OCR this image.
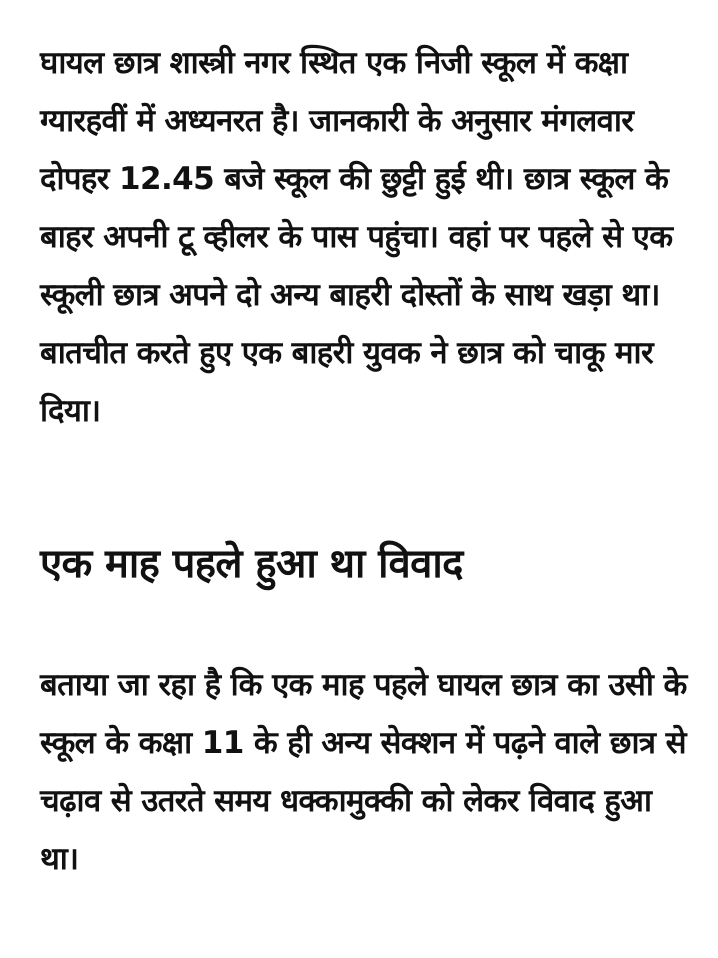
घायल छात्र शास्त्री नगर स्थित एक निजी स्कूल में कक्षा ग्यारहवीं में अध्यनरत है। जानकारी के अनुसार मंगलवार दोपहर 12.45 बजे स्कूल की छुट्टी हुई थी। छात्र स्कूल के बाहर अपनी टू व्हीलर के पास पहुंचा। वहां पर पहले से एक स्कूली छात्र अपने दो अन्य बाहरी दोस्तों के साथ खड़ा था। बातचीत करते हुए एक बाहरी युवक ने छात्र को चाकू मार दिया।

एक माह पहले हुआ था विवाद

बताया जा रहा है कि एक माह पहले घायल छात्र का उसी के स्कूल के कक्षा 11 के ही अन्य सेक्शन में पढ़ने वाले छात्र से चढ़ाव से उतरते समय धक्कामुक्की को लेकर विवाद हुआ था।
